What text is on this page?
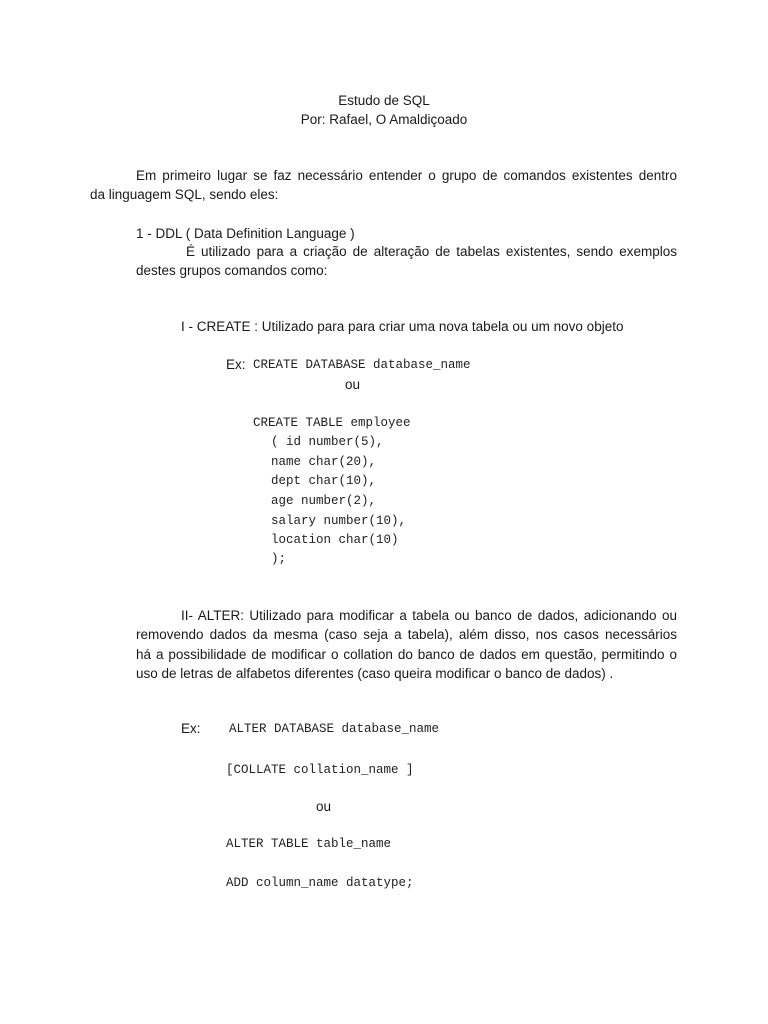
Estudo de SQL
Por: Rafael, O Amaldiçoado
Em primeiro lugar se faz necessário entender o grupo de comandos existentes dentro
da linguagem SQL, sendo eles:
1 - DDL ( Data Definition Language )
É utilizado para a criação de alteração de tabelas existentes, sendo exemplos
destes grupos comandos como:
I - CREATE : Utilizado para para criar uma nova tabela ou um novo objeto
Ex: CREATE DATABASE database_name
ou
CREATE TABLE employee
( id number(5),
name char(20),
dept char(10),
age number(2),
salary number(10),
location char(10)
);
II- ALTER: Utilizado para modificar a tabela ou banco de dados, adicionando ou
removendo dados da mesma (caso seja a tabela), além disso, nos casos necessários
há a possibilidade de modificar o collation do banco de dados em questão, permitindo o
uso de letras de alfabetos diferentes (caso queira modificar o banco de dados) .
Ex: ALTER DATABASE database_name
[COLLATE collation_name ]
ou
ALTER TABLE table_name
ADD column_name datatype;
